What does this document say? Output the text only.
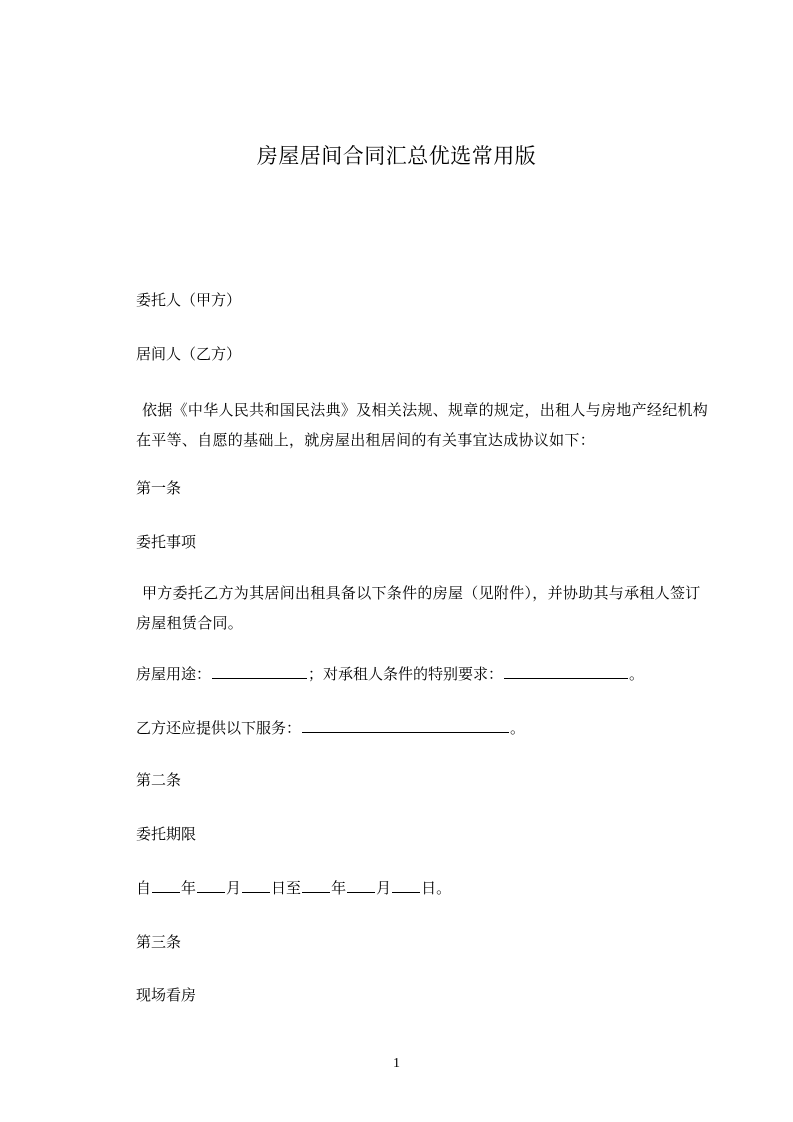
房屋居间合同汇总优选常用版
委托人（甲方）
居间人（乙方）
依据《中华人民共和国民法典》及相关法规、规章的规定，出租人与房地产经纪机构在平等、自愿的基础上，就房屋出租居间的有关事宜达成协议如下：
第一条
委托事项
甲方委托乙方为其居间出租具备以下条件的房屋（见附件），并协助其与承租人签订房屋租赁合同。
房屋用途：	；对承租人条件的特别要求：	。
乙方还应提供以下服务：	。
第二条
委托期限
自 年 月 日至 年 月 日。
第三条
现场看房
1
